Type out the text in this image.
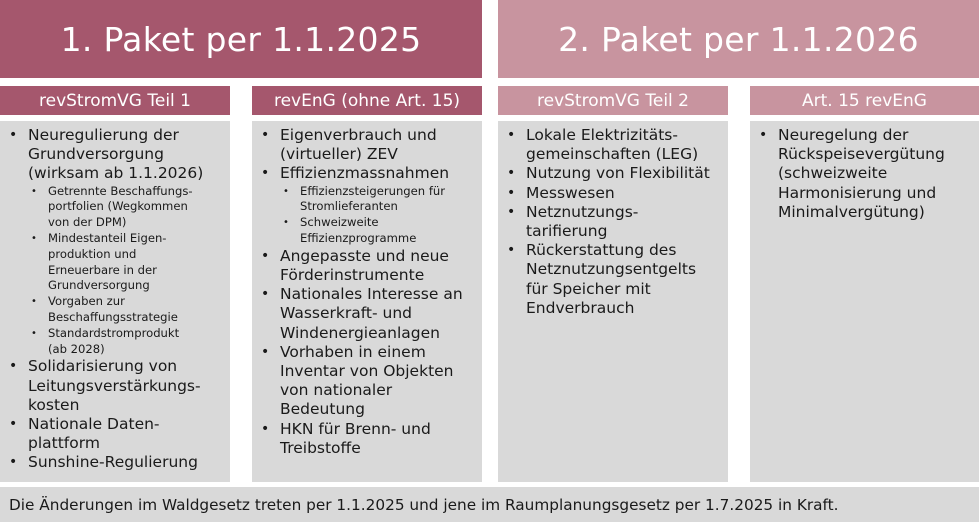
1. Paket per 1.1.2025	2. Paket per 1.1.2026
revStromVG Teil 1	revEnG (ohne Art. 15)	revStromVG Teil 2	Art. 15 revEnG
• Neuregulierung der
Grundversorgung
(wirksam ab 1.1.2026)
• Getrennte Beschaffungs-
portfolien (Wegkommen
von der DPM)
• Mindestanteil Eigen-
produktion und
Erneuerbare in der
Grundversorgung
• Vorgaben zur
Beschaffungsstrategie
• Standardstromprodukt
(ab 2028)
• Solidarisierung von
Leitungsverstärkungs-
kosten
• Nationale Daten-
plattform
• Sunshine-Regulierung
• Eigenverbrauch und
(virtueller) ZEV
• Effizienzmassnahmen
• Effizienzsteigerungen für
Stromlieferanten
• Schweizweite
Effizienzprogramme
• Angepasste und neue
Förderinstrumente
• Nationales Interesse an
Wasserkraft- und
Windenergieanlagen
• Vorhaben in einem
Inventar von Objekten
von nationaler
Bedeutung
• HKN für Brenn- und
Treibstoffe
• Lokale Elektrizitäts-
gemeinschaften (LEG)
• Nutzung von Flexibilität
• Messwesen
• Netznutzungs-
tarifierung
• Rückerstattung des
Netznutzungsentgelts
für Speicher mit
Endverbrauch
• Neuregelung der
Rückspeisevergütung
(schweizweite
Harmonisierung und
Minimalvergütung)
Die Änderungen im Waldgesetz treten per 1.1.2025 und jene im Raumplanungsgesetz per 1.7.2025 in Kraft.
